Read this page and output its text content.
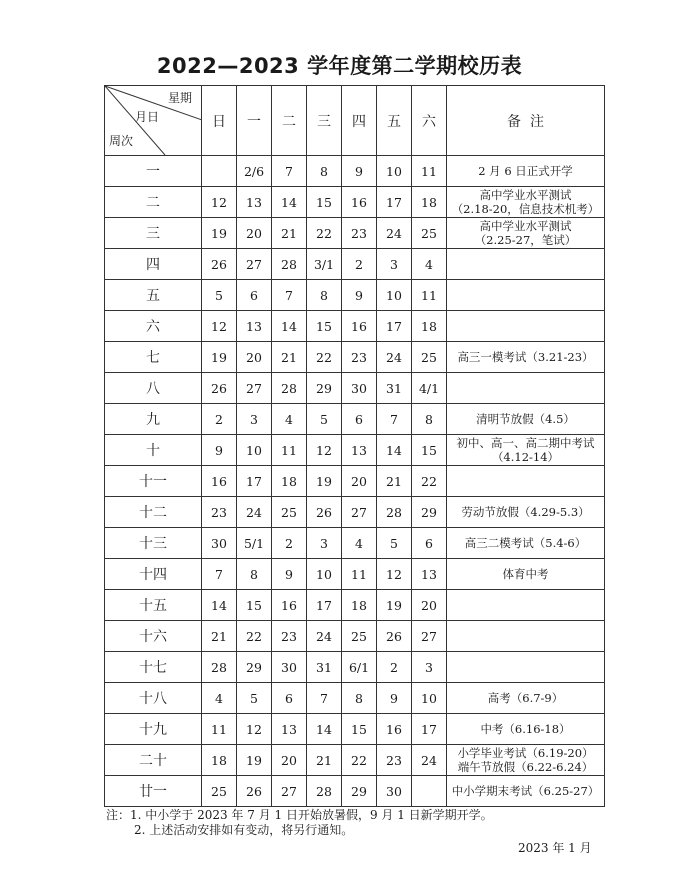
2022—2023 学年度第二学期校历表
星期
月日
周次	日	一	二	三	四	五	六	备  注
一		2/6	7	8	9	10	11	2 月 6 日正式开学

二	12	13	14	15	16	17	18	高中学业水平测试
（2.18-20，信息技术机考）

三	19	20	21	22	23	24	25	高中学业水平测试
（2.25-27，笔试）

四	26	27	28	3/1	2	3	4	
五	5	6	7	8	9	10	11	
六	12	13	14	15	16	17	18	
七	19	20	21	22	23	24	25	高三一模考试（3.21-23）

八	26	27	28	29	30	31	4/1	
九	2	3	4	5	6	7	8	清明节放假（4.5）

十	9	10	11	12	13	14	15	初中、高一、高二期中考试
（4.12-14）

十一	16	17	18	19	20	21	22	
十二	23	24	25	26	27	28	29	劳动节放假（4.29-5.3）

十三	30	5/1	2	3	4	5	6	高三二模考试（5.4-6）

十四	7	8	9	10	11	12	13	体育中考

十五	14	15	16	17	18	19	20	
十六	21	22	23	24	25	26	27	
十七	28	29	30	31	6/1	2	3	
十八	4	5	6	7	8	9	10	高考（6.7-9）

十九	11	12	13	14	15	16	17	中考（6.16-18）

二十	18	19	20	21	22	23	24	小学毕业考试（6.19-20）
端午节放假（6.22-6.24）

廿一	25	26	27	28	29	30		中小学期末考试（6.25-27）
注：1. 中小学于 2023 年 7 月 1 日开始放暑假，9 月 1 日新学期开学。
2. 上述活动安排如有变动，将另行通知。
2023 年 1 月
